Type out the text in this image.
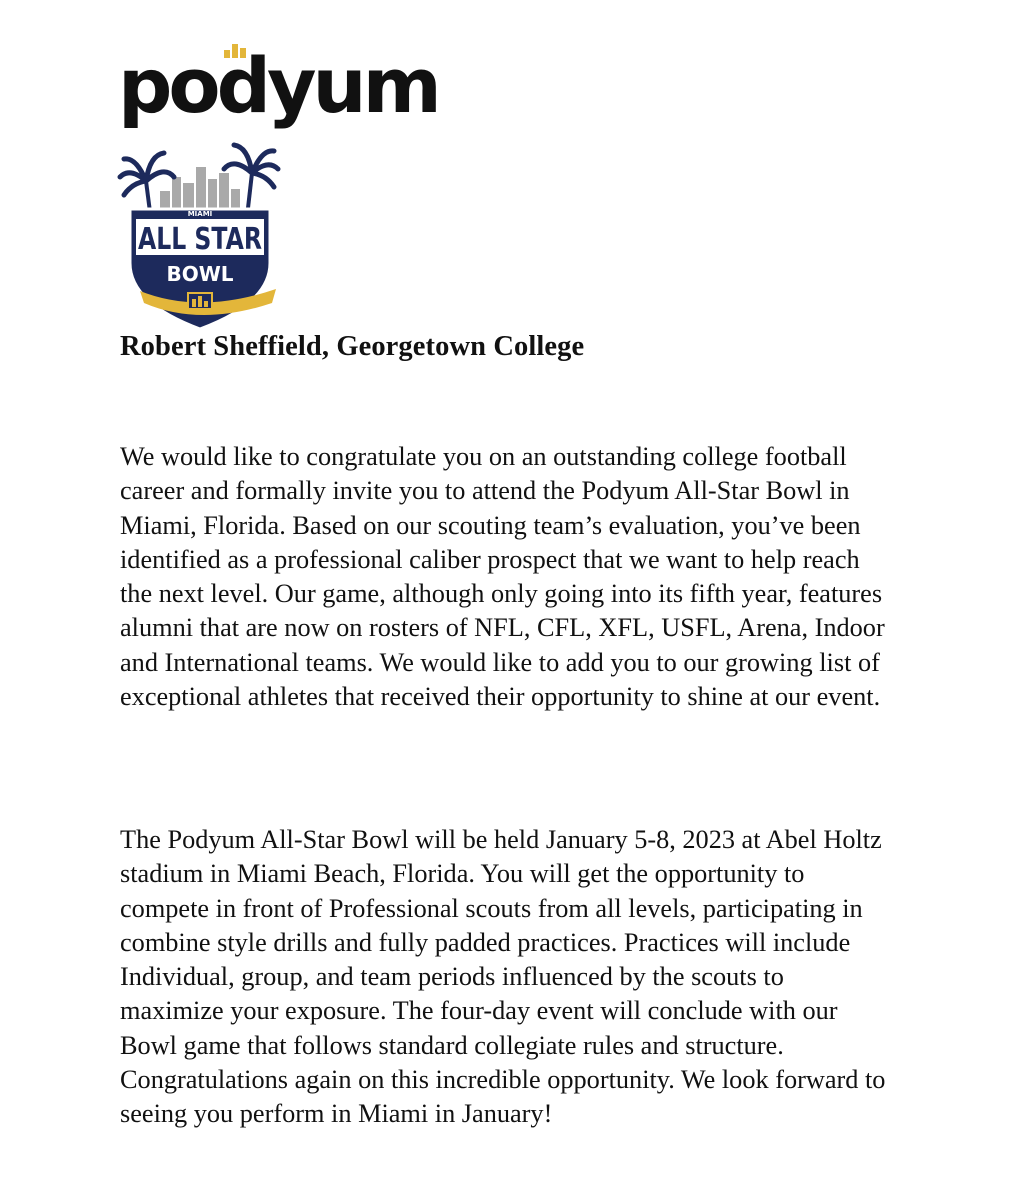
podyum
MIAMI
ALL STAR
BOWL
Robert Sheffield, Georgetown College

We would like to congratulate you on an outstanding college football career and formally invite you to attend the Podyum All-Star Bowl in Miami, Florida. Based on our scouting team’s evaluation, you’ve been identified as a professional caliber prospect that we want to help reach the next level. Our game, although only going into its fifth year, features alumni that are now on rosters of NFL, CFL, XFL, USFL, Arena, Indoor and International teams. We would like to add you to our growing list of exceptional athletes that received their opportunity to shine at our event.

The Podyum All-Star Bowl will be held January 5-8, 2023 at Abel Holtz stadium in Miami Beach, Florida. You will get the opportunity to compete in front of Professional scouts from all levels, participating in combine style drills and fully padded practices. Practices will include Individual, group, and team periods influenced by the scouts to maximize your exposure. The four-day event will conclude with our Bowl game that follows standard collegiate rules and structure. Congratulations again on this incredible opportunity. We look forward to seeing you perform in Miami in January!
